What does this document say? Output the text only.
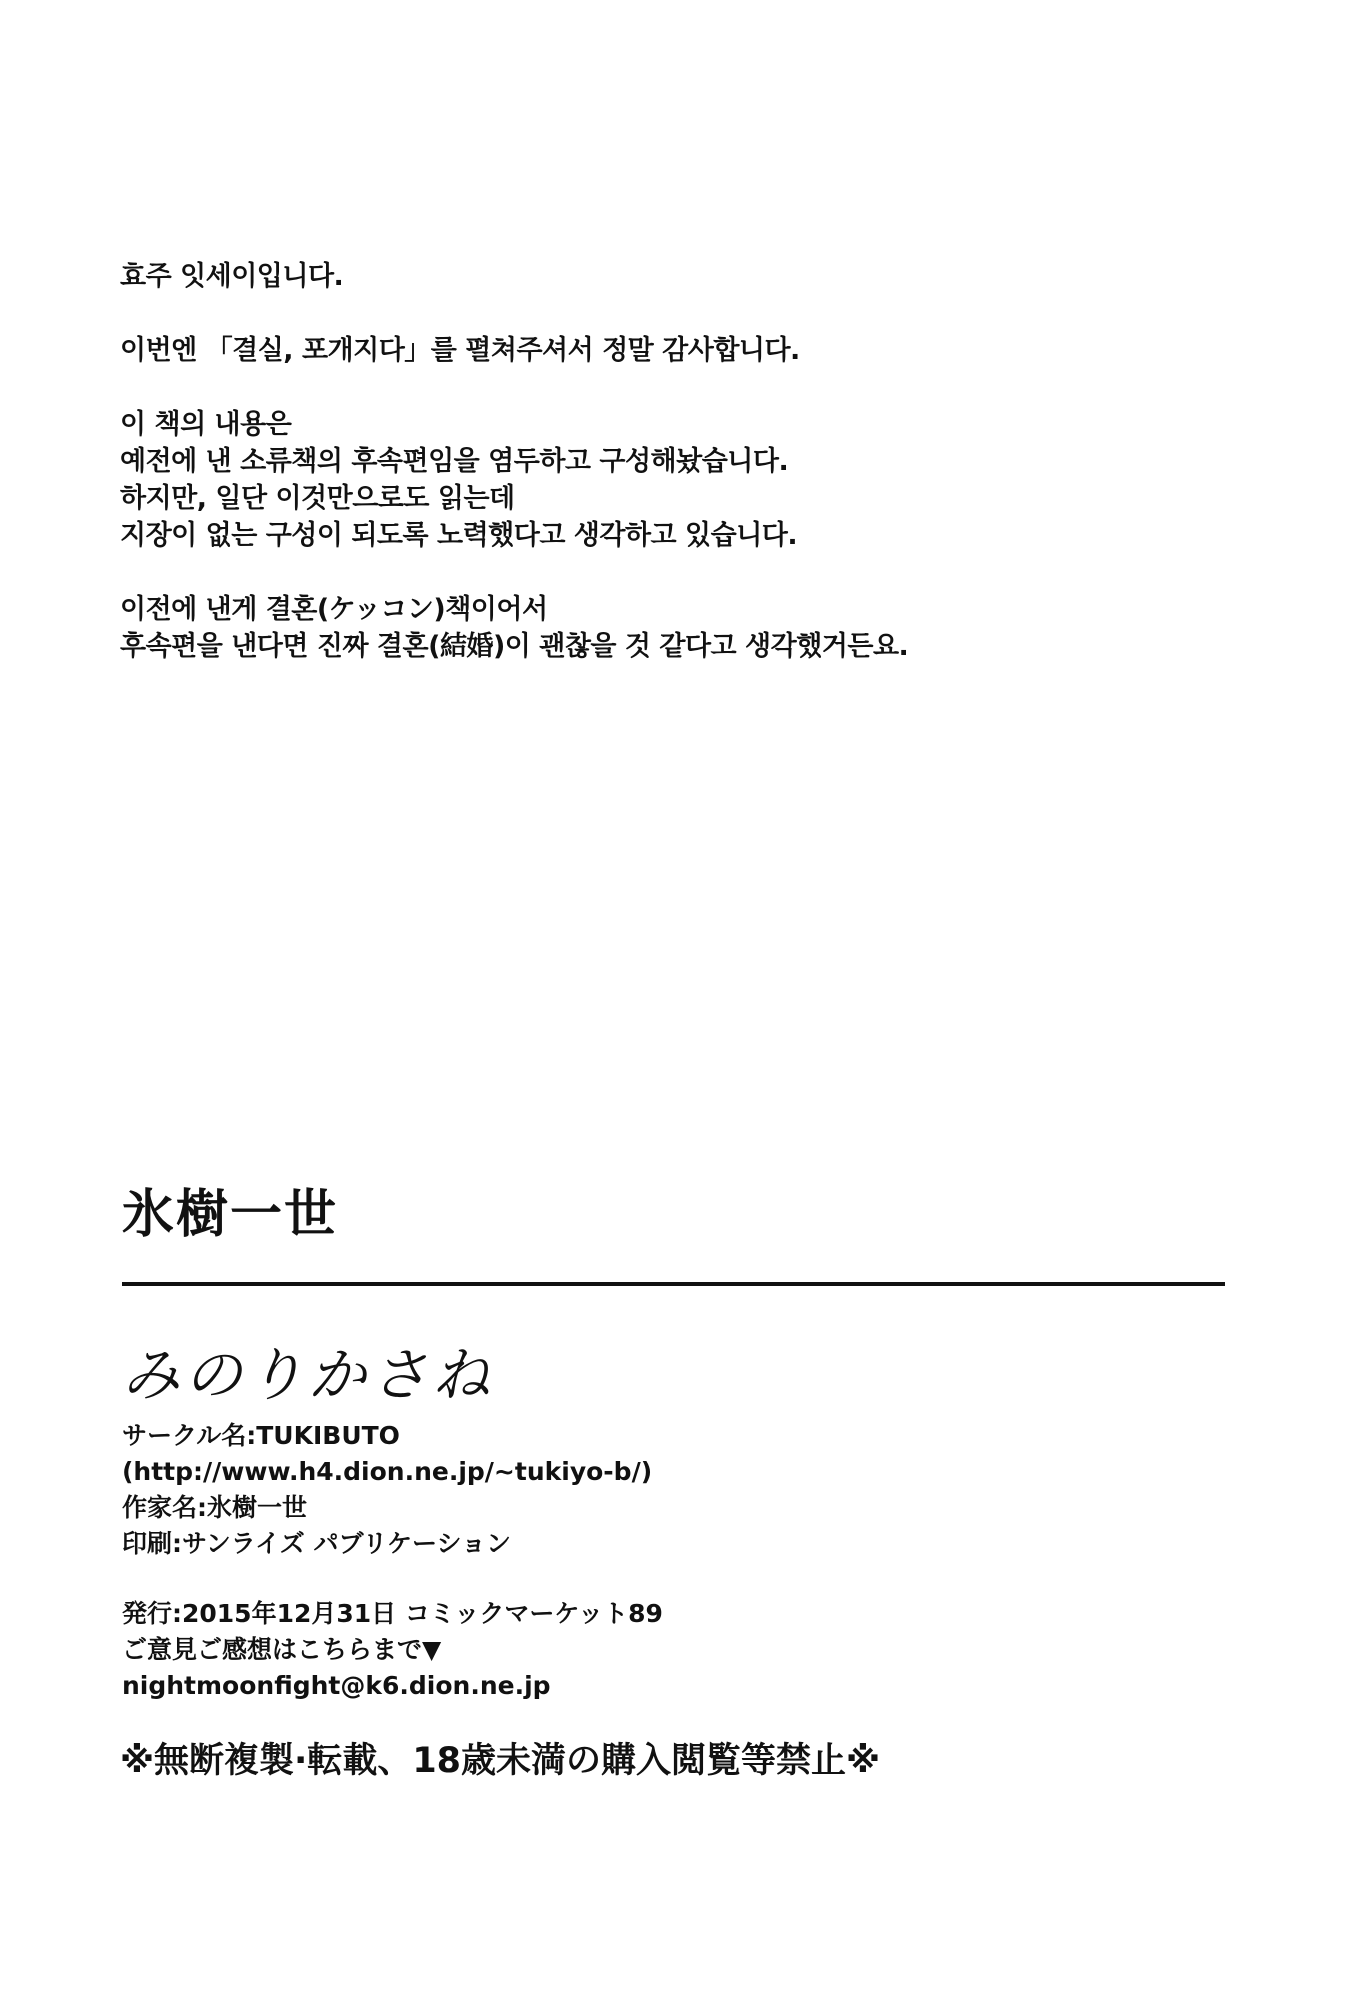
효주 잇세이입니다.

이번엔 「결실, 포개지다」를 펼쳐주셔서 정말 감사합니다.

이 책의 내용은

예전에 낸 소류책의 후속편임을 염두하고 구성해놨습니다.

하지만, 일단 이것만으로도 읽는데

지장이 없는 구성이 되도록 노력했다고 생각하고 있습니다.

이전에 낸게 결혼(ケッコン)책이어서

후속편을 낸다면 진짜 결혼(結婚)이 괜찮을 것 같다고 생각했거든요.

氷樹一世
みのりかさね
サークル名:TUKIBUTO
(http://www.h4.dion.ne.jp/~tukiyo-b/)
作家名:氷樹一世
印刷:サンライズ パブリケーション
発行:2015年12月31日 コミックマーケット89
ご意見ご感想はこちらまで▼
nightmoonfight@k6.dion.ne.jp
※無断複製·転載、18歳未満の購入閲覧等禁止※
